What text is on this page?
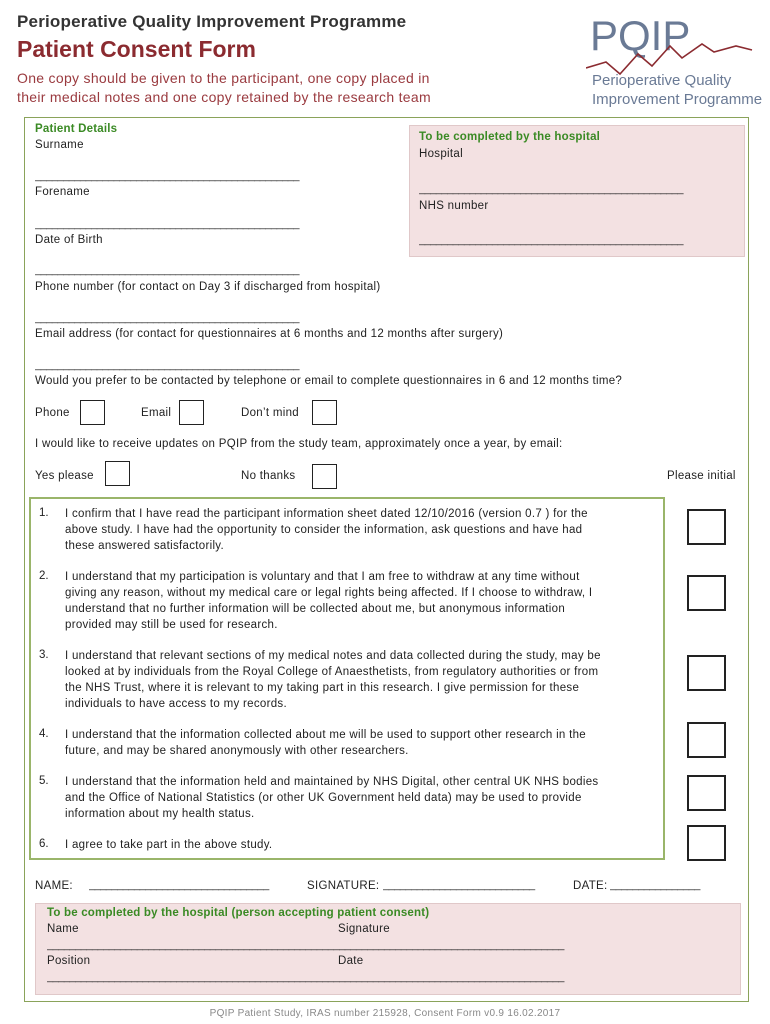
Perioperative Quality Improvement Programme
Patient Consent Form
One copy should be given to the participant, one copy placed in
their medical notes and one copy retained by the research team
PQIP
Perioperative Quality
Improvement Programme
To be completed by the hospital
Hospital
_______________________________________________
NHS number
_______________________________________________
Patient Details
Surname
_______________________________________________
Forename
_______________________________________________
Date of Birth
_______________________________________________
Phone number (for contact on Day 3 if discharged from hospital)
_______________________________________________
Email address (for contact for questionnaires at 6 months and 12 months after surgery)
_______________________________________________
Would you prefer to be contacted by telephone or email to complete questionnaires in 6 and 12 months time?
Phone	Email	Don’t mind
I would like to receive updates on PQIP from the study team, approximately once a year, by email:
Yes please	No thanks	Please initial
1. I confirm that I have read the participant information sheet dated 12/10/2016 (version 0.7 ) for the
above study. I have had the opportunity to consider the information, ask questions and have had
these answered satisfactorily.
2. I understand that my participation is voluntary and that I am free to withdraw at any time without
giving any reason, without my medical care or legal rights being affected. If I choose to withdraw, I
understand that no further information will be collected about me, but anonymous information
provided may still be used for research.
3. I understand that relevant sections of my medical notes and data collected during the study, may be
looked at by individuals from the Royal College of Anaesthetists, from regulatory authorities or from
the NHS Trust, where it is relevant to my taking part in this research. I give permission for these
individuals to have access to my records.
4. I understand that the information collected about me will be used to support other research in the
future, and may be shared anonymously with other researchers.
5. I understand that the information held and maintained by NHS Digital, other central UK NHS bodies
and the Office of National Statistics (or other UK Government held data) may be used to provide
information about my health status.
6. I agree to take part in the above study.
NAME: ________________________________	SIGNATURE: ___________________________	DATE: ________________
To be completed by the hospital (person accepting patient consent)
Name	Signature
____________________________________________________________________________________________
Position	Date
____________________________________________________________________________________________
PQIP Patient Study, IRAS number 215928, Consent Form v0.9 16.02.2017
